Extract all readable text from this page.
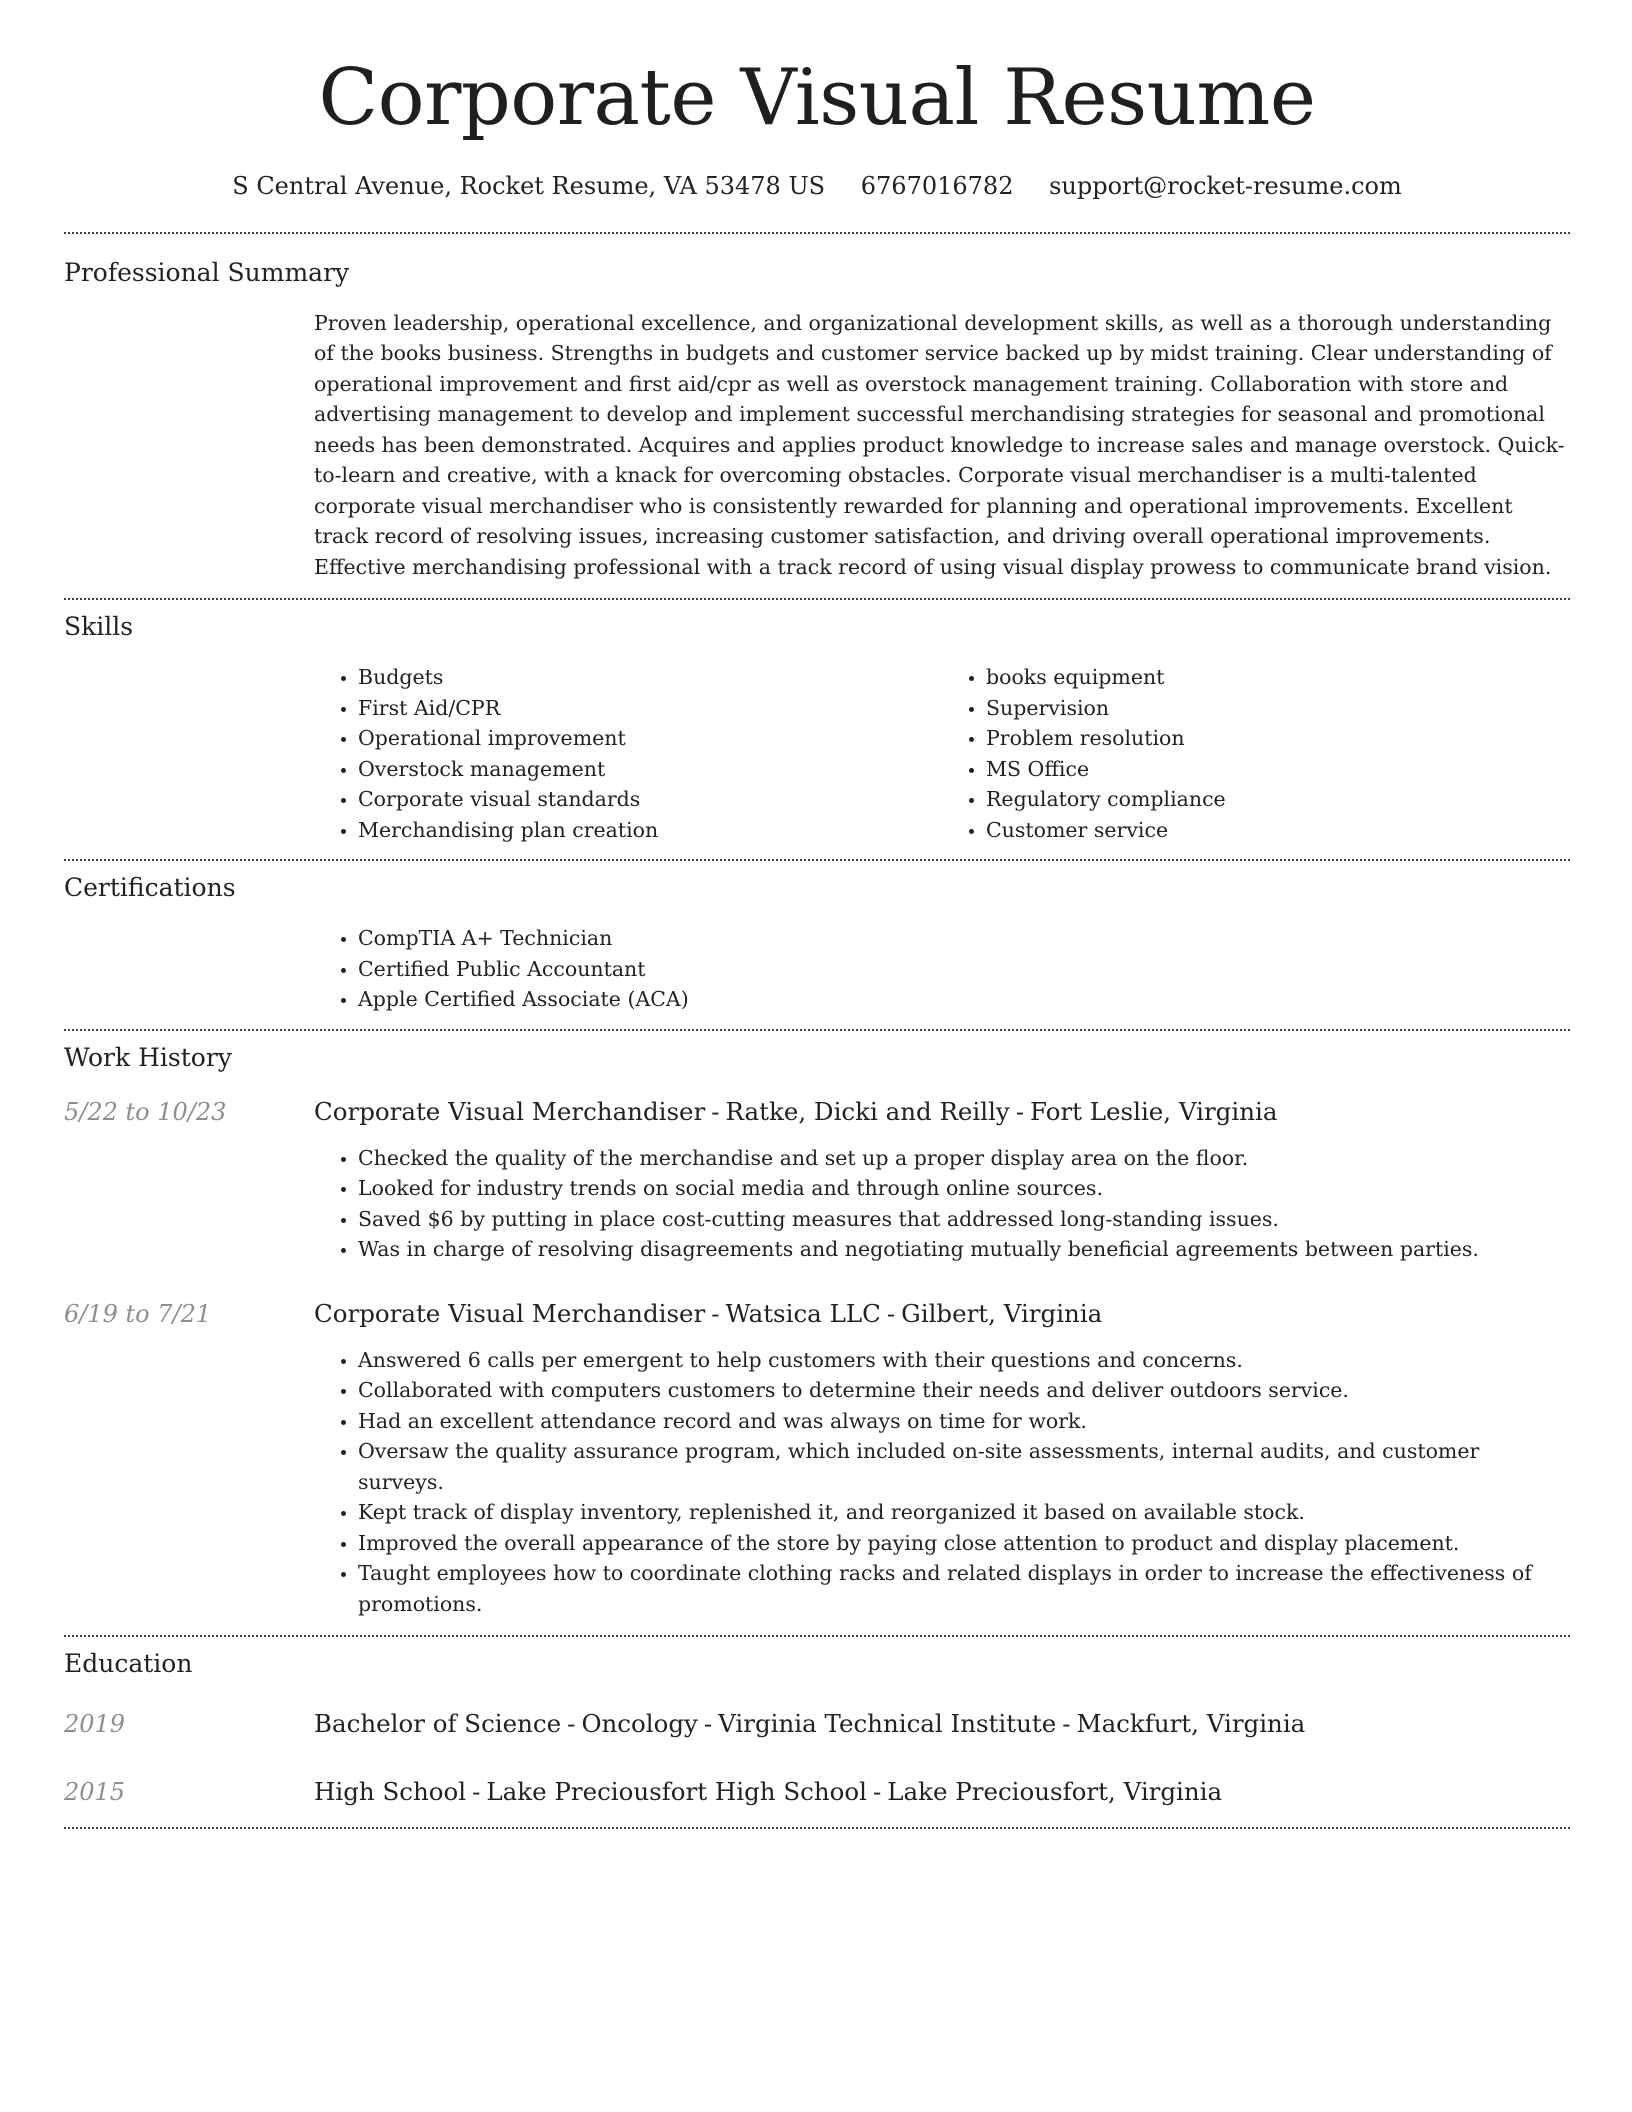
Corporate Visual Resume
S Central Avenue, Rocket Resume, VA 53478 US 6767016782 support@rocket-resume.com
Professional Summary

Proven leadership, operational excellence, and organizational development skills, as well as a thorough understanding of the books business. Strengths in budgets and customer service backed up by midst training. Clear understanding of operational improvement and first aid/cpr as well as overstock management training. Collaboration with store and advertising management to develop and implement successful merchandising strategies for seasonal and promotional needs has been demonstrated. Acquires and applies product knowledge to increase sales and manage overstock. Quick-to-learn and creative, with a knack for overcoming obstacles. Corporate visual merchandiser is a multi-talented corporate visual merchandiser who is consistently rewarded for planning and operational improvements. Excellent track record of resolving issues, increasing customer satisfaction, and driving overall operational improvements. Effective merchandising professional with a track record of using visual display prowess to communicate brand vision.

Skills
• Budgets
• First Aid/CPR
• Operational improvement
• Overstock management
• Corporate visual standards
• Merchandising plan creation
• books equipment
• Supervision
• Problem resolution
• MS Office
• Regulatory compliance
• Customer service
Certifications
• CompTIA A+ Technician
• Certified Public Accountant
• Apple Certified Associate (ACA)
Work History
5/22 to 10/23	Corporate Visual Merchandiser - Ratke, Dicki and Reilly - Fort Leslie, Virginia
• Checked the quality of the merchandise and set up a proper display area on the floor.
• Looked for industry trends on social media and through online sources.
• Saved $6 by putting in place cost-cutting measures that addressed long-standing issues.
• Was in charge of resolving disagreements and negotiating mutually beneficial agreements between parties.
6/19 to 7/21	Corporate Visual Merchandiser - Watsica LLC - Gilbert, Virginia
• Answered 6 calls per emergent to help customers with their questions and concerns.
• Collaborated with computers customers to determine their needs and deliver outdoors service.
• Had an excellent attendance record and was always on time for work.
• Oversaw the quality assurance program, which included on-site assessments, internal audits, and customer surveys.
• Kept track of display inventory, replenished it, and reorganized it based on available stock.
• Improved the overall appearance of the store by paying close attention to product and display placement.
• Taught employees how to coordinate clothing racks and related displays in order to increase the effectiveness of promotions.
Education
2019	Bachelor of Science - Oncology - Virginia Technical Institute - Mackfurt, Virginia
2015	High School - Lake Preciousfort High School - Lake Preciousfort, Virginia
